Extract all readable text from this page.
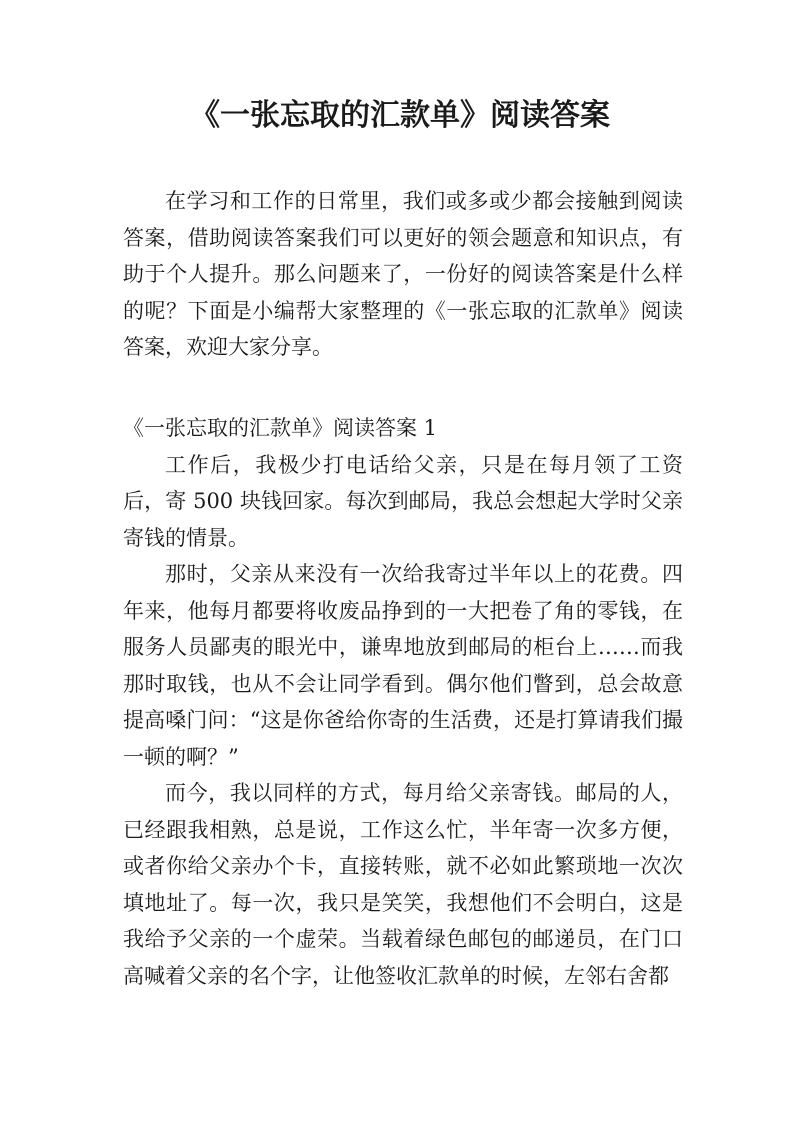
《一张忘取的汇款单》阅读答案

在学习和工作的日常里，我们或多或少都会接触到阅读答案，借助阅读答案我们可以更好的领会题意和知识点，有助于个人提升。那么问题来了，一份好的阅读答案是什么样的呢？下面是小编帮大家整理的《一张忘取的汇款单》阅读答案，欢迎大家分享。

《一张忘取的汇款单》阅读答案 1

工作后，我极少打电话给父亲，只是在每月领了工资后，寄 500 块钱回家。每次到邮局，我总会想起大学时父亲寄钱的情景。

那时，父亲从来没有一次给我寄过半年以上的花费。四年来，他每月都要将收废品挣到的一大把卷了角的零钱，在服务人员鄙夷的眼光中，谦卑地放到邮局的柜台上……而我那时取钱，也从不会让同学看到。偶尔他们瞥到，总会故意提高嗓门问：“这是你爸给你寄的生活费，还是打算请我们撮一顿的啊？”

而今，我以同样的方式，每月给父亲寄钱。邮局的人，已经跟我相熟，总是说，工作这么忙，半年寄一次多方便，或者你给父亲办个卡，直接转账，就不必如此繁琐地一次次填地址了。每一次，我只是笑笑，我想他们不会明白，这是我给予父亲的一个虚荣。当载着绿色邮包的邮递员，在门口高喊着父亲的名个字，让他签收汇款单的时候，左邻右舍都
